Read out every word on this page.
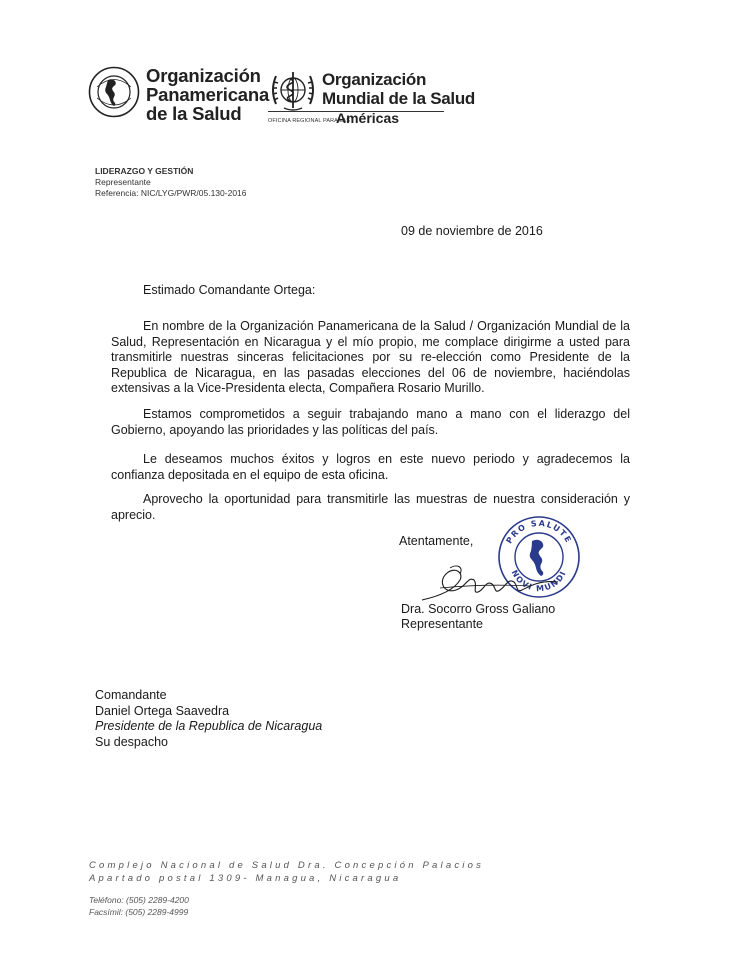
Organización
Panamericana
de la Salud
Organización
Mundial de la Salud
OFICINA REGIONAL PARA LAS
Américas
LIDERAZGO Y GESTIÓN
Representante
Referencia: NIC/LYG/PWR/05.130-2016
09 de noviembre de 2016
Estimado Comandante Ortega:

En nombre de la Organización Panamericana de la Salud / Organización Mundial de la Salud, Representación en Nicaragua y el mío propio, me complace dirigirme a usted para transmitirle nuestras sinceras felicitaciones por su re-elección como Presidente de la Republica de Nicaragua, en las pasadas elecciones del 06 de noviembre, haciéndolas extensivas a la Vice-Presidenta electa, Compañera Rosario Murillo.

Estamos comprometidos a seguir trabajando mano a mano con el liderazgo del Gobierno, apoyando las prioridades y las políticas del país.

Le deseamos muchos éxitos y logros en este nuevo periodo y agradecemos la confianza depositada en el equipo de esta oficina.

Aprovecho la oportunidad para transmitirle las muestras de nuestra consideración y aprecio.

Atentamente,	PRO SALUTE
NOVI MUNDI
Dra. Socorro Gross Galiano
Representante
Comandante
Daniel Ortega Saavedra
Presidente de la Republica de Nicaragua
Su despacho
Complejo Nacional de Salud Dra. Concepción Palacios
Apartado postal 1309- Managua, Nicaragua
Teléfono: (505) 2289-4200
Facsímil: (505) 2289-4999
